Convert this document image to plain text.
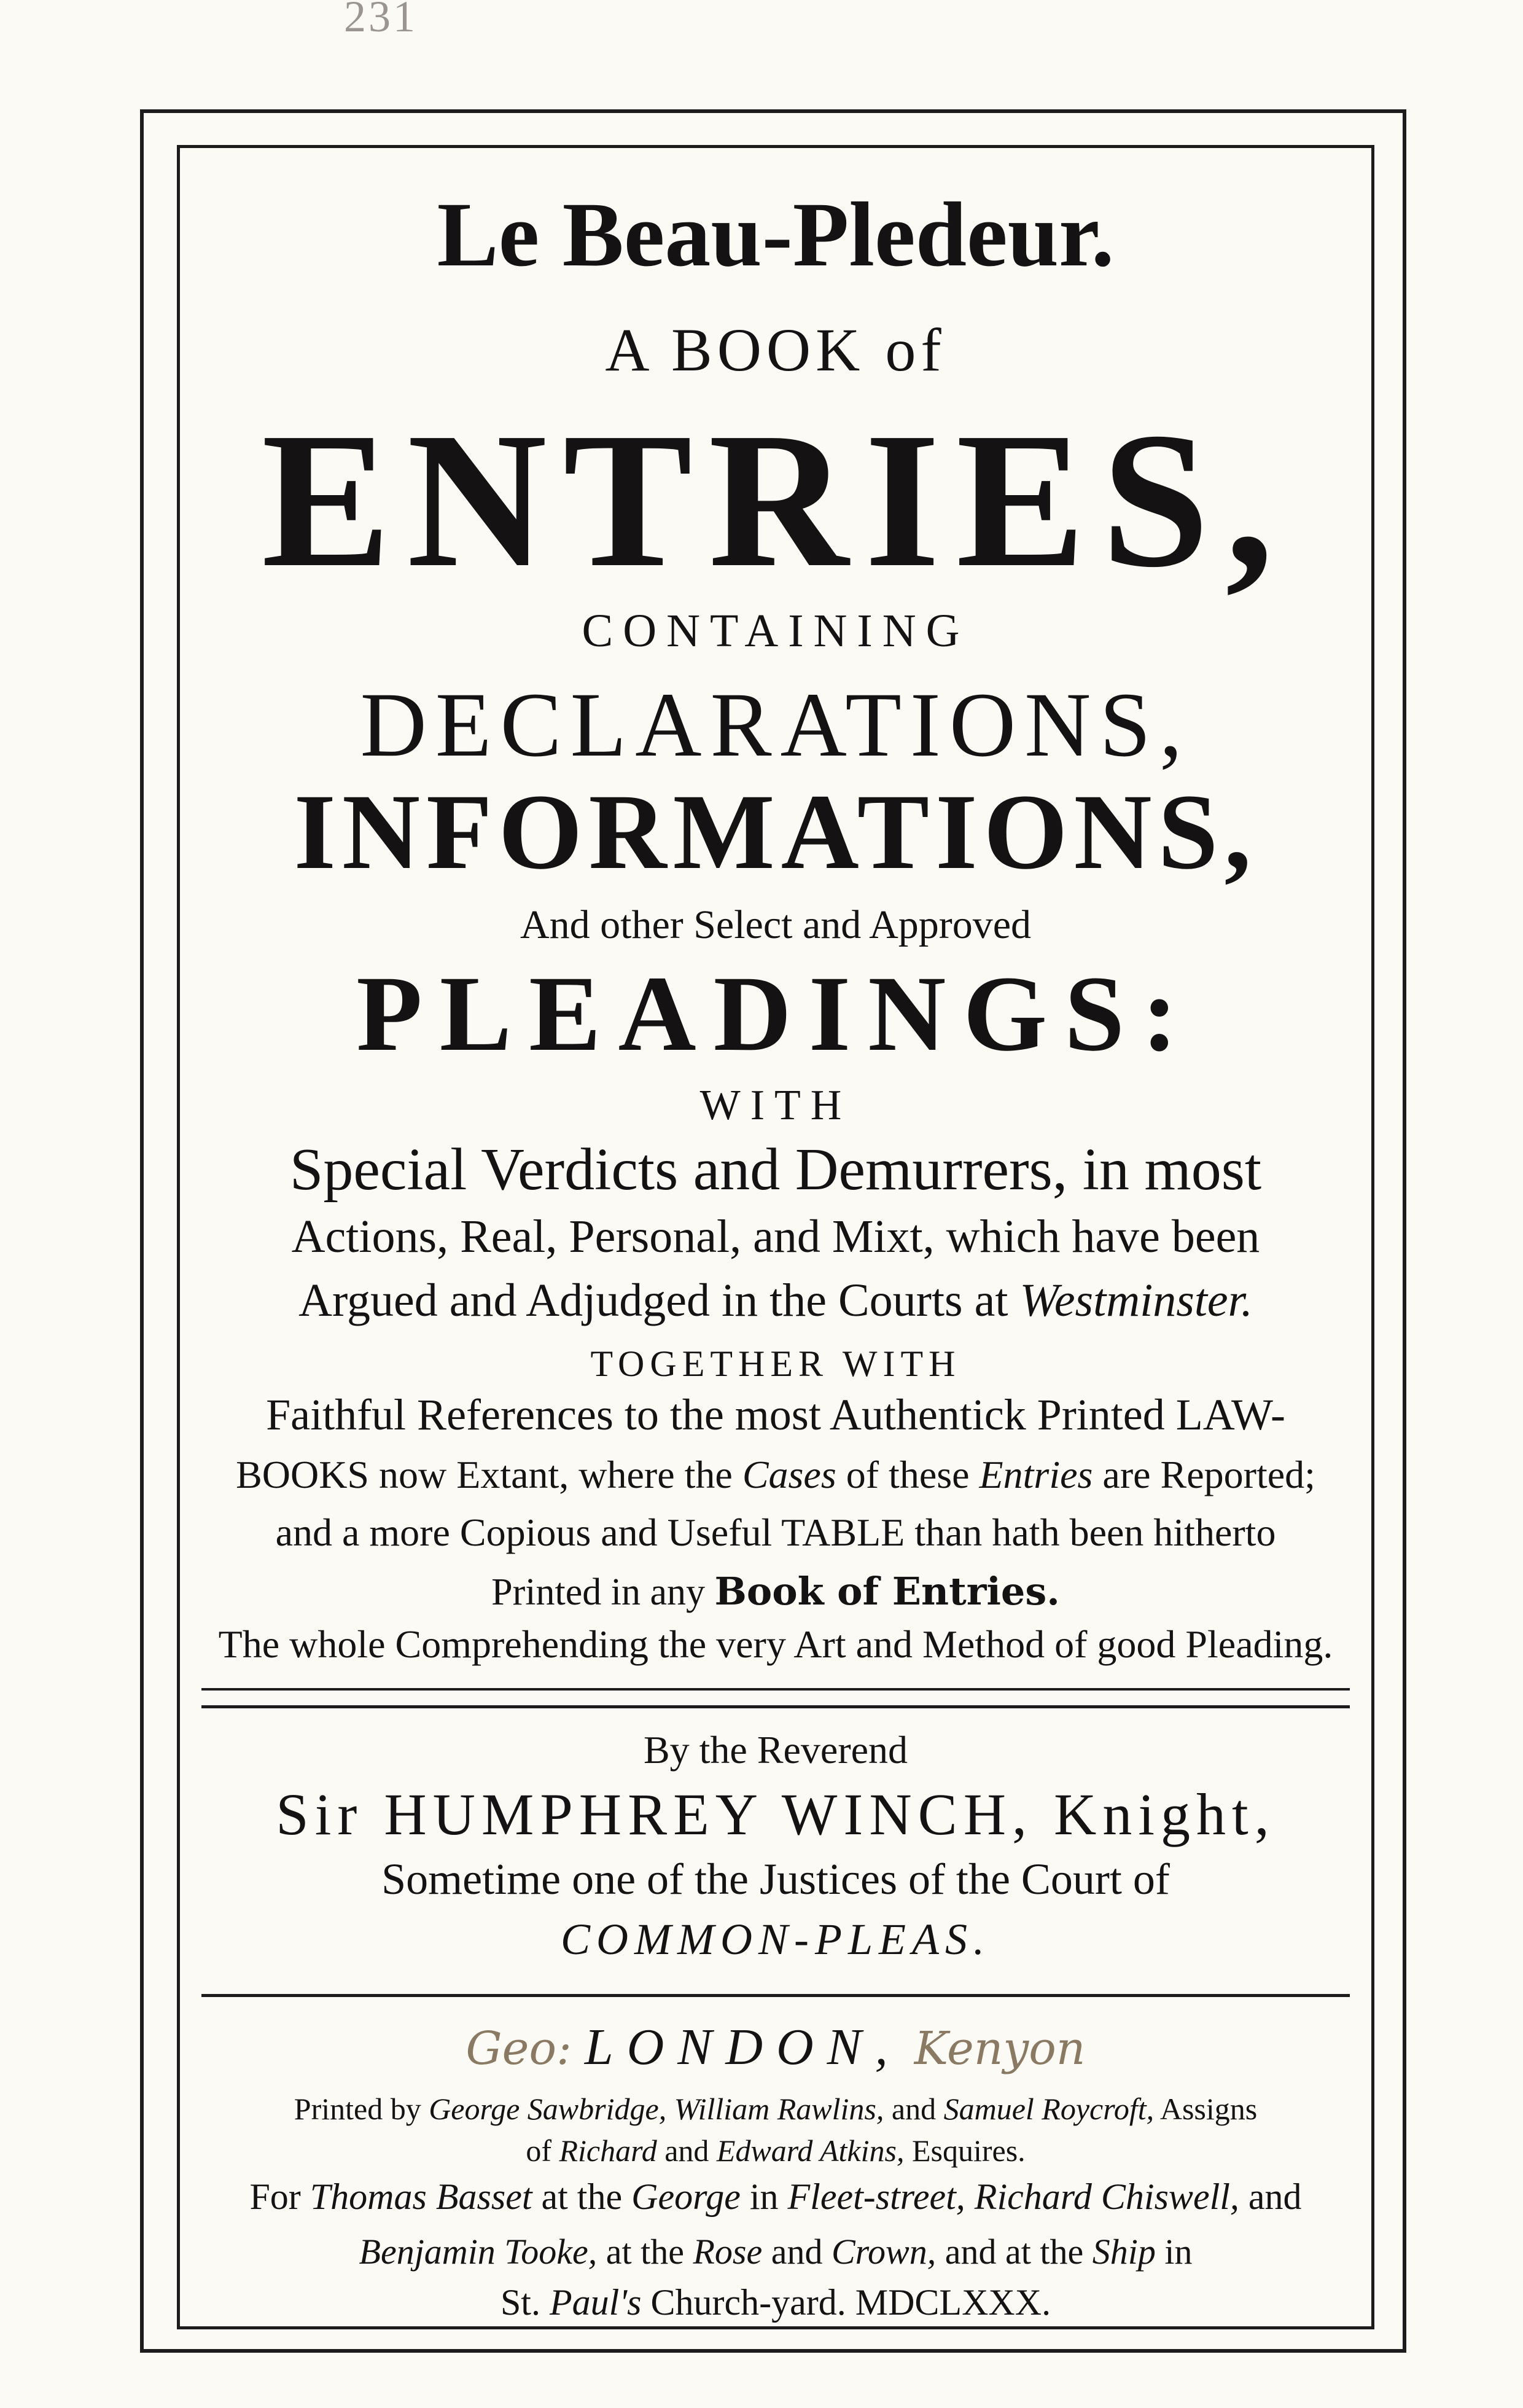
231

Le Beau-Pledeur.

A BOOK of

ENTRIES,

CONTAINING

DECLARATIONS,

INFORMATIONS,

And other Select and Approved

PLEADINGS:

WITH

Special Verdicts and Demurrers, in most

Actions, Real, Personal, and Mixt, which have been

Argued and Adjudged in the Courts at Westminster.

TOGETHER WITH

Faithful References to the most Authentick Printed LAW-

BOOKS now Extant, where the Cases of these Entries are Reported;

and a more Copious and Useful TABLE than hath been hitherto

Printed in any Book of Entries.

The whole Comprehending the very Art and Method of good Pleading.

By the Reverend

Sir HUMPHREY WINCH, Knight,

Sometime one of the Justices of the Court of

COMMON-PLEAS.

Geo: LONDON, Kenyon

Printed by George Sawbridge, William Rawlins, and Samuel Roycroft, Assigns

of Richard and Edward Atkins, Esquires.

For Thomas Basset at the George in Fleet-street, Richard Chiswell, and

Benjamin Tooke, at the Rose and Crown, and at the Ship in

St. Paul's Church-yard. MDCLXXX.
